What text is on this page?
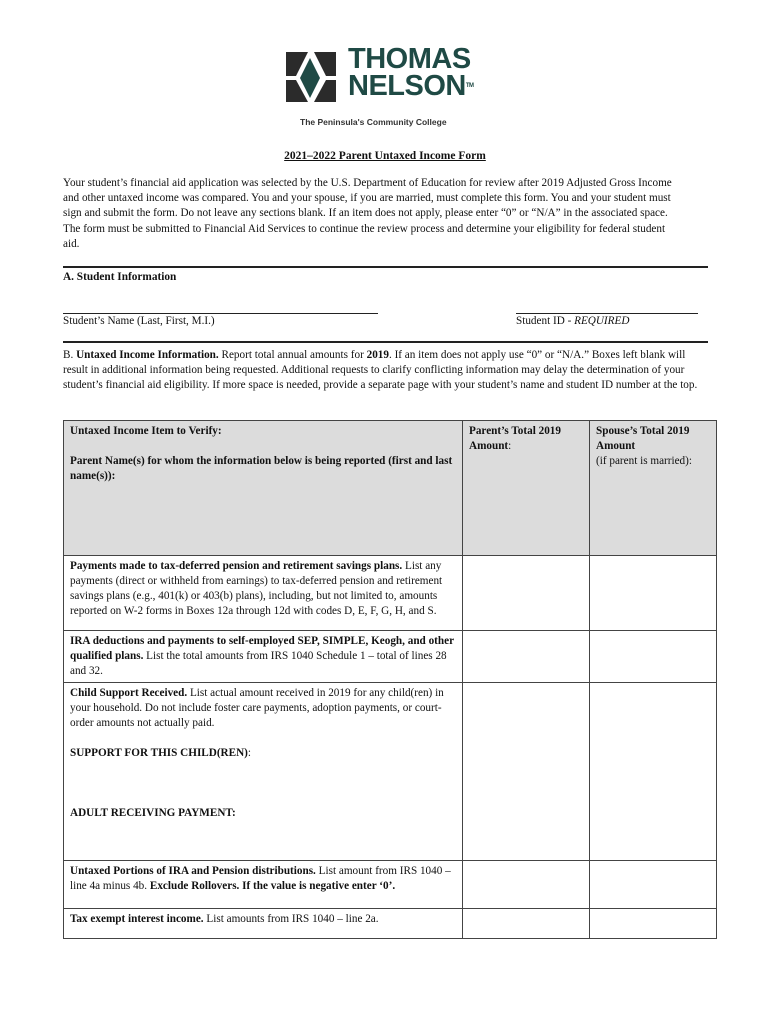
THOMAS
NELSONTM
The Peninsula's Community College
2021–2022 Parent Untaxed Income Form
Your student’s financial aid application was selected by the U.S. Department of Education for review after 2019 Adjusted Gross Income and other untaxed income was compared. You and your spouse, if you are married, must complete this form. You and your student must sign and submit the form. Do not leave any sections blank. If an item does not apply, please enter “0” or “N/A” in the associated space. The form must be submitted to Financial Aid Services to continue the review process and determine your eligibility for federal student aid.
A. Student Information
Student’s Name (Last, First, M.I.)	Student ID - REQUIRED
B. Untaxed Income Information. Report total annual amounts for 2019. If an item does not apply use “0” or “N/A.” Boxes left blank will result in additional information being requested. Additional requests to clarify conflicting information may delay the determination of your student’s financial aid eligibility. If more space is needed, provide a separate page with your student’s name and student ID number at the top.
Untaxed Income Item to Verify:

Parent Name(s) for whom the information below is being reported (first and last name(s)):	Parent’s Total 2019 Amount:	Spouse’s Total 2019 Amount
(if parent is married):
Payments made to tax-deferred pension and retirement savings plans. List any payments (direct or withheld from earnings) to tax-deferred pension and retirement savings plans (e.g., 401(k) or 403(b) plans), including, but not limited to, amounts reported on W-2 forms in Boxes 12a through 12d with codes D, E, F, G, H, and S.		
IRA deductions and payments to self-employed SEP, SIMPLE, Keogh, and other qualified plans. List the total amounts from IRS 1040 Schedule 1 – total of lines 28 and 32.		
Child Support Received. List actual amount received in 2019 for any child(ren) in your household. Do not include foster care payments, adoption payments, or court-order amounts not actually paid.

SUPPORT FOR THIS CHILD(REN):

ADULT RECEIVING PAYMENT:		
Untaxed Portions of IRA and Pension distributions. List amount from IRS 1040 – line 4a minus 4b. Exclude Rollovers. If the value is negative enter ‘0’.		
Tax exempt interest income. List amounts from IRS 1040 – line 2a.		
